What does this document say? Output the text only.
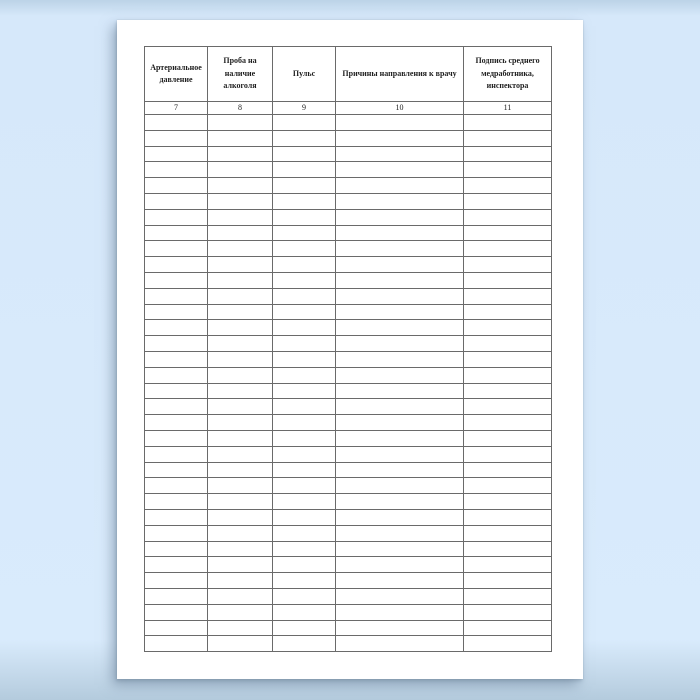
Артериальное давление	Проба на наличие алкоголя	Пульс	Причины направления к врачу	Подпись среднего медработника, инспектора
7	8	9	10	11
